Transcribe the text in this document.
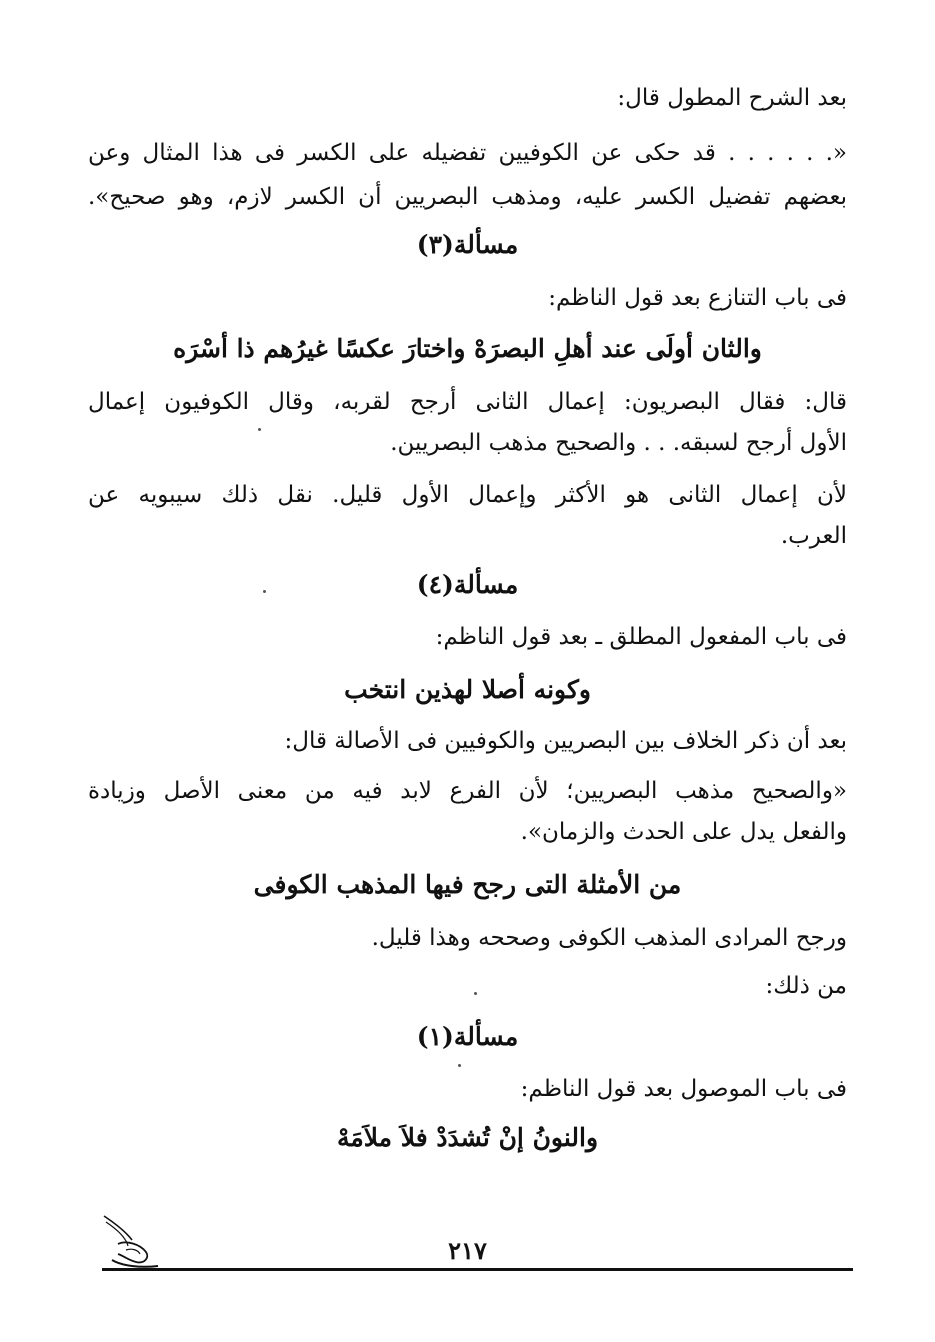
بعد الشرح المطول قال:
«. . . . . . قد حكى عن الكوفيين تفضيله على الكسر فى هذا المثال وعن
بعضهم تفضيل الكسر عليه، ومذهب البصريين أن الكسر لازم، وهو صحيح».
مسألة(٣)
فى باب التنازع بعد قول الناظم:
والثان أولَى عند أهلِ البصرَهْ واختارَ عكسًا غيرُهم ذا أسْرَه
قال: فقال البصريون: إعمال الثانى أرجح لقربه، وقال الكوفيون إعمال
الأول أرجح لسبقه. . . والصحيح مذهب البصريين.
لأن إعمال الثانى هو الأكثر وإعمال الأول قليل. نقل ذلك سيبويه عن
العرب.
مسألة(٤)
فى باب المفعول المطلق ـ بعد قول الناظم:
وكونه أصلا لهذين انتخب
بعد أن ذكر الخلاف بين البصريين والكوفيين فى الأصالة قال:
«والصحيح مذهب البصريين؛ لأن الفرع لابد فيه من معنى الأصل وزيادة
والفعل يدل على الحدث والزمان».
من الأمثلة التى رجح فيها المذهب الكوفى
ورجح المرادى المذهب الكوفى وصححه وهذا قليل.
من ذلك:
مسألة(١)
فى باب الموصول بعد قول الناظم:
والنونُ إنْ تُشدَدْ فلاَ ملاَمَهْ
٢١٧
